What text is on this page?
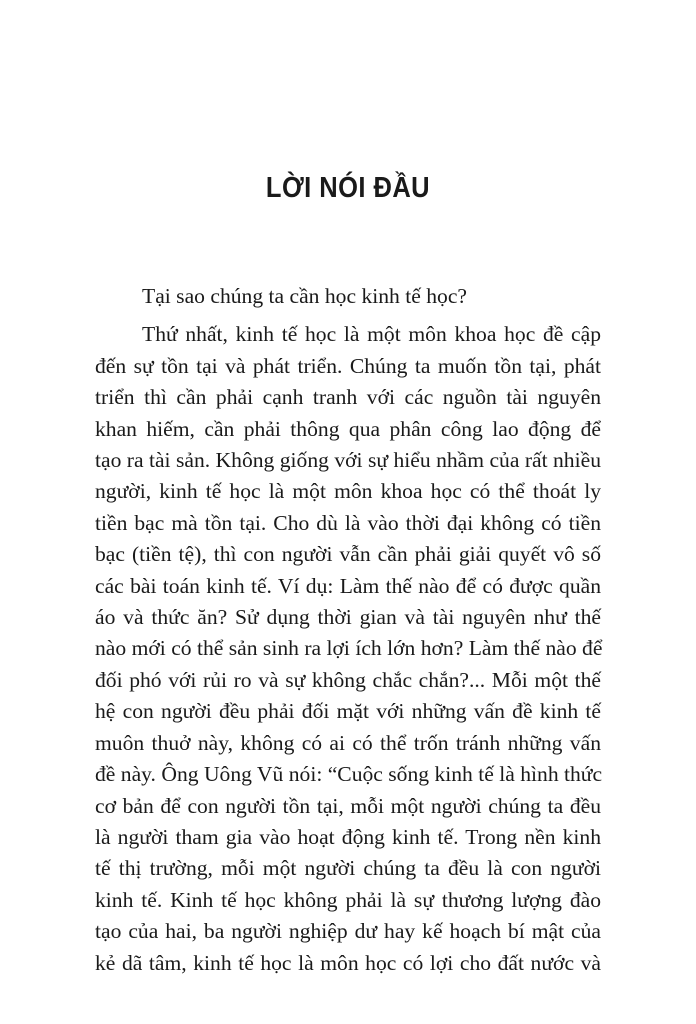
LỜI NÓI ĐẦU
Tại sao chúng ta cần học kinh tế học?
Thứ nhất, kinh tế học là một môn khoa học đề cập
đến sự tồn tại và phát triển. Chúng ta muốn tồn tại, phát
triển thì cần phải cạnh tranh với các nguồn tài nguyên
khan hiếm, cần phải thông qua phân công lao động để
tạo ra tài sản. Không giống với sự hiểu nhầm của rất nhiều
người, kinh tế học là một môn khoa học có thể thoát ly
tiền bạc mà tồn tại. Cho dù là vào thời đại không có tiền
bạc (tiền tệ), thì con người vẫn cần phải giải quyết vô số
các bài toán kinh tế. Ví dụ: Làm thế nào để có được quần
áo và thức ăn? Sử dụng thời gian và tài nguyên như thế
nào mới có thể sản sinh ra lợi ích lớn hơn? Làm thế nào để
đối phó với rủi ro và sự không chắc chắn?... Mỗi một thế
hệ con người đều phải đối mặt với những vấn đề kinh tế
muôn thuở này, không có ai có thể trốn tránh những vấn
đề này. Ông Uông Vũ nói: “Cuộc sống kinh tế là hình thức
cơ bản để con người tồn tại, mỗi một người chúng ta đều
là người tham gia vào hoạt động kinh tế. Trong nền kinh
tế thị trường, mỗi một người chúng ta đều là con người
kinh tế. Kinh tế học không phải là sự thương lượng đào
tạo của hai, ba người nghiệp dư hay kế hoạch bí mật của
kẻ dã tâm, kinh tế học là môn học có lợi cho đất nước và
